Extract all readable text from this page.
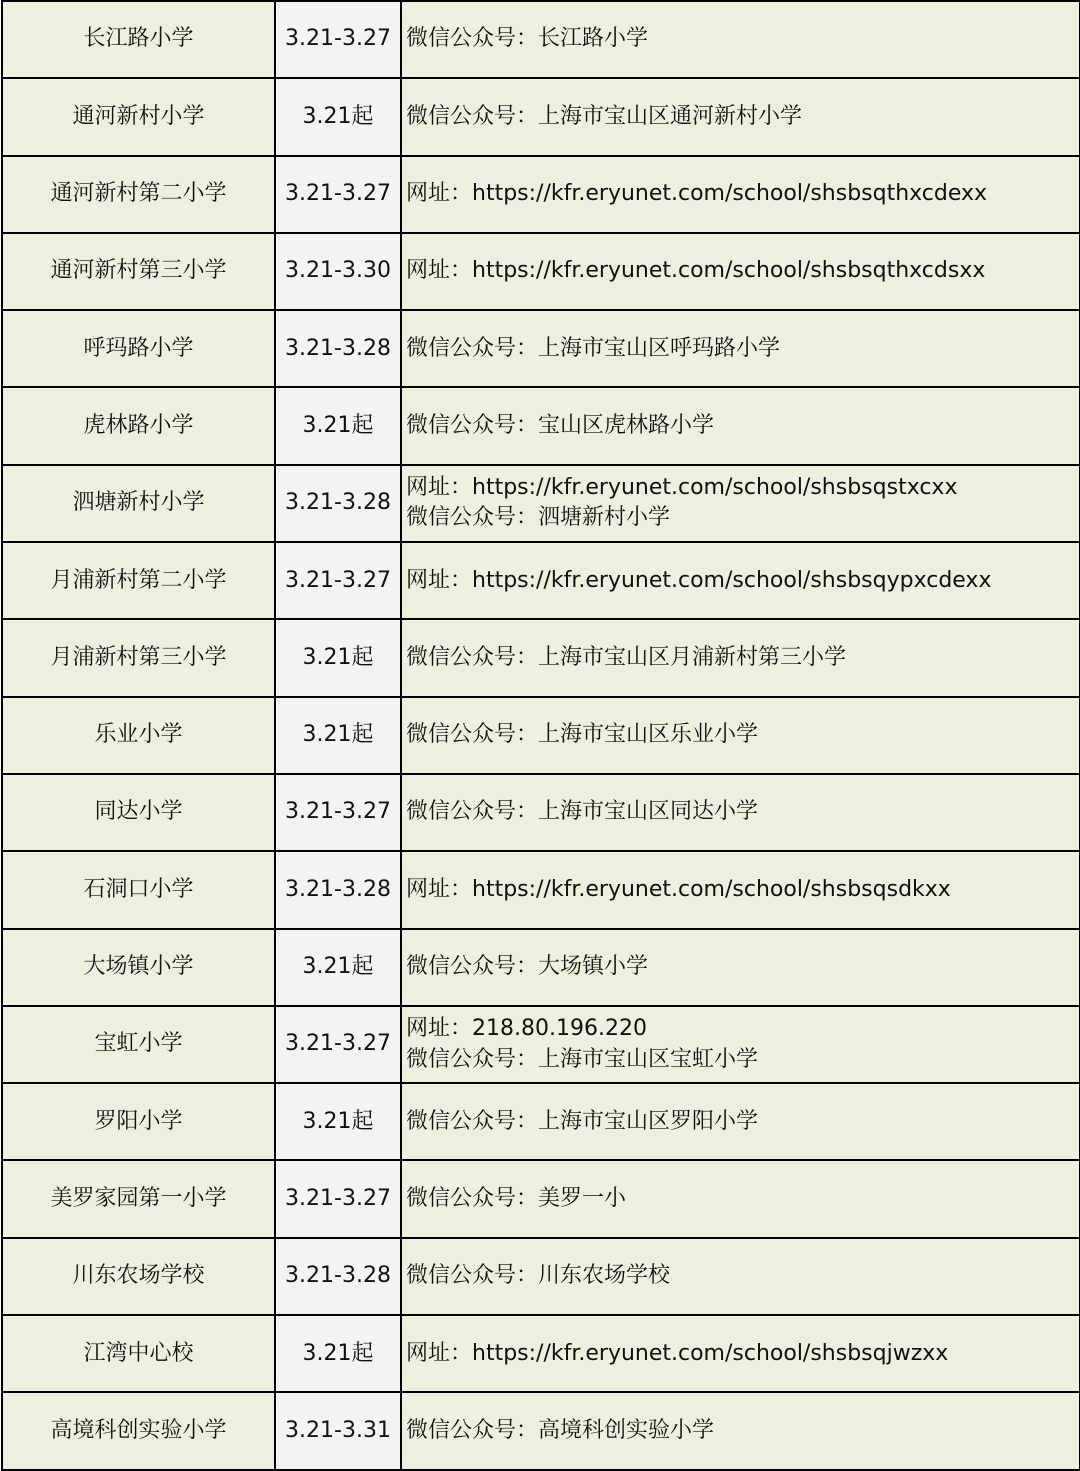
长江路小学	3.21-3.27	微信公众号：长江路小学

通河新村小学	3.21起	微信公众号：上海市宝山区通河新村小学

通河新村第二小学	3.21-3.27	网址：https://kfr.eryunet.com/school/shsbsqthxcdexx

通河新村第三小学	3.21-3.30	网址：https://kfr.eryunet.com/school/shsbsqthxcdsxx

呼玛路小学	3.21-3.28	微信公众号：上海市宝山区呼玛路小学

虎林路小学	3.21起	微信公众号：宝山区虎林路小学

泗塘新村小学	3.21-3.28	网址：https://kfr.eryunet.com/school/shsbsqstxcxx
微信公众号：泗塘新村小学

月浦新村第二小学	3.21-3.27	网址：https://kfr.eryunet.com/school/shsbsqypxcdexx

月浦新村第三小学	3.21起	微信公众号：上海市宝山区月浦新村第三小学

乐业小学	3.21起	微信公众号：上海市宝山区乐业小学

同达小学	3.21-3.27	微信公众号：上海市宝山区同达小学

石洞口小学	3.21-3.28	网址：https://kfr.eryunet.com/school/shsbsqsdkxx

大场镇小学	3.21起	微信公众号：大场镇小学

宝虹小学	3.21-3.27	网址：218.80.196.220
微信公众号：上海市宝山区宝虹小学

罗阳小学	3.21起	微信公众号：上海市宝山区罗阳小学

美罗家园第一小学	3.21-3.27	微信公众号：美罗一小

川东农场学校	3.21-3.28	微信公众号：川东农场学校

江湾中心校	3.21起	网址：https://kfr.eryunet.com/school/shsbsqjwzxx

高境科创实验小学	3.21-3.31	微信公众号：高境科创实验小学
